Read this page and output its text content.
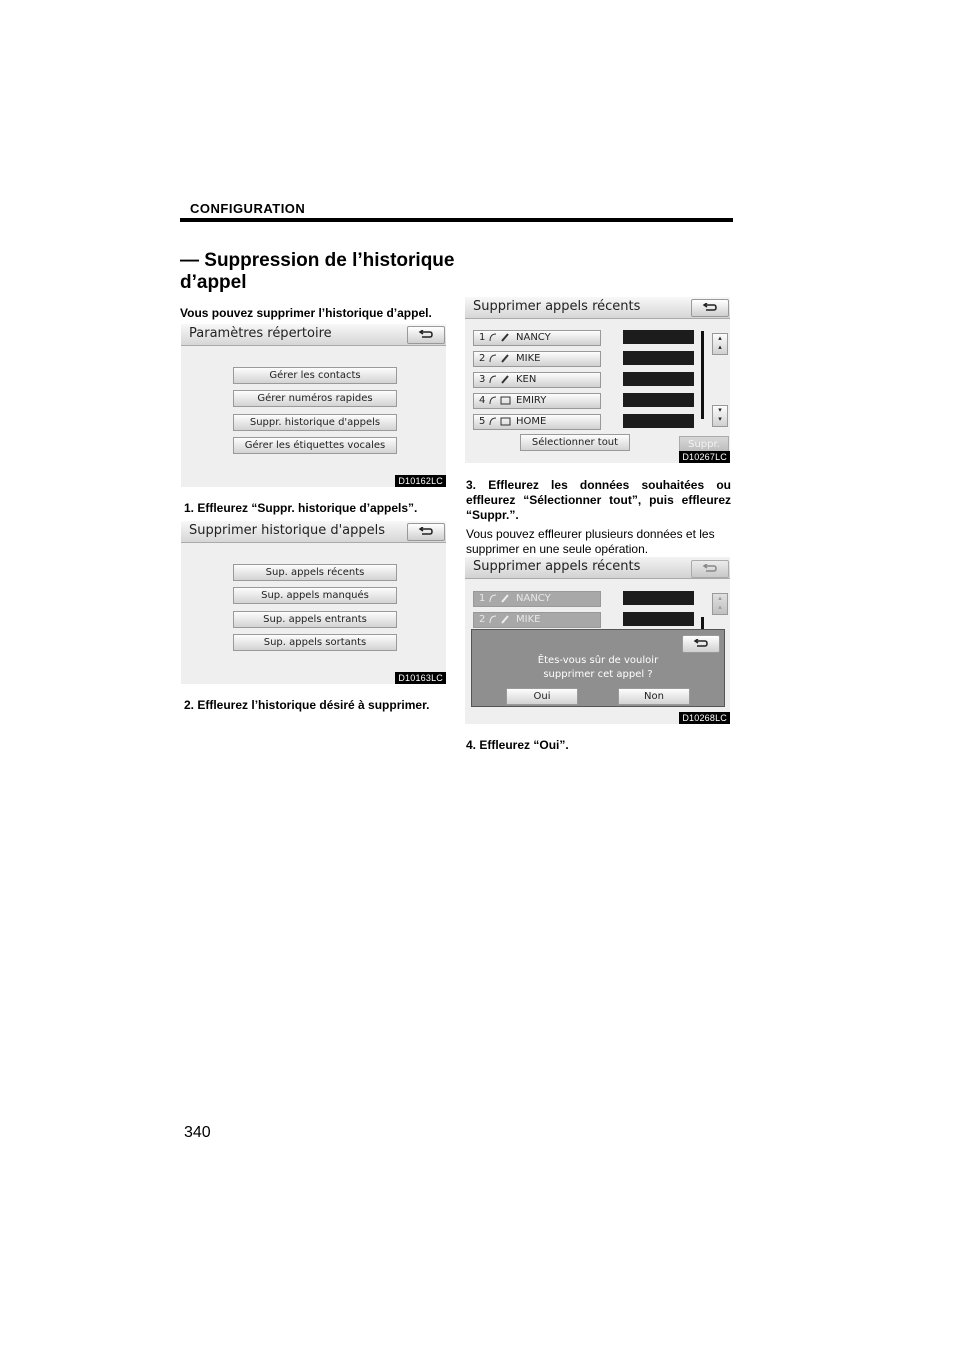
CONFIGURATION
— Suppression de l’historique
d’appel
Vous pouvez supprimer l’historique d’appel.
Paramètres répertoire
Gérer les contacts
Gérer numéros rapides
Suppr. historique d'appels
Gérer les étiquettes vocales
D10162LC
1. Effleurez “Suppr. historique d’appels”.
Supprimer historique d'appels
Sup. appels récents
Sup. appels manqués
Sup. appels entrants
Sup. appels sortants
D10163LC
2. Effleurez l’historique désiré à supprimer.
Supprimer appels récents
1	NANCY
2	MIKE
3	KEN
4	EMIRY
5	HOME
▴
▴
▾
▾
Sélectionner tout	Suppr.
D10267LC
3. Effleurez les données souhaitées ou effleurez “Sélectionner tout”, puis effleurez “Suppr.”.
Vous pouvez effleurer plusieurs données et les supprimer en une seule opération.
Supprimer appels récents
1	NANCY
2	MIKE
▴
▴
Êtes-vous sûr de vouloir
supprimer cet appel ?
Oui	Non
D10268LC
4. Effleurez “Oui”.
340
